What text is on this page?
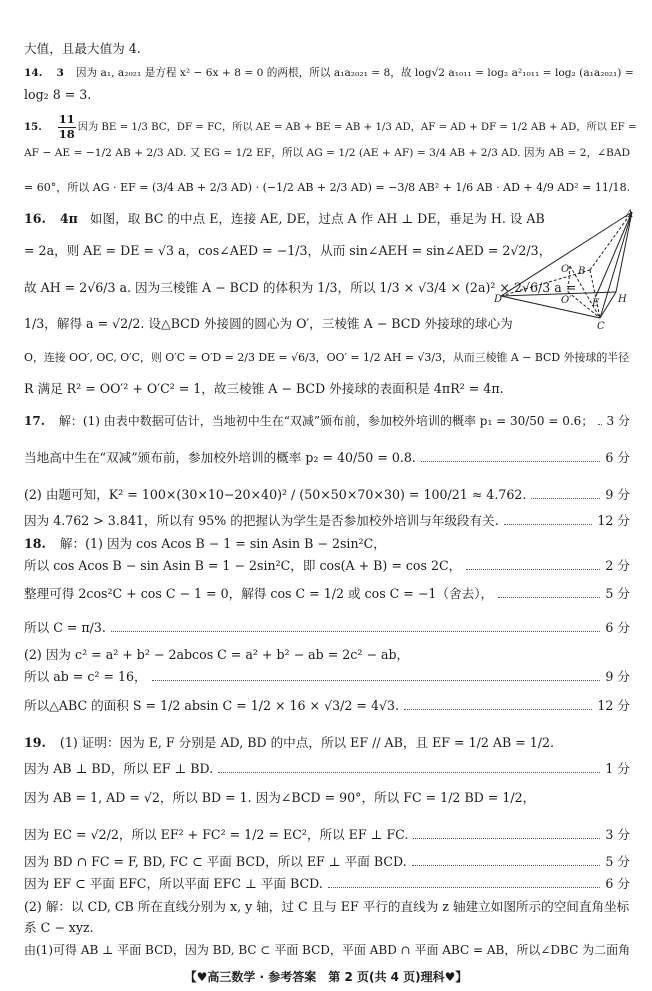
大值，且最大值为 4.
14. 3 因为 a₁, a₂₀₂₁ 是方程 x² − 6x + 8 = 0 的两根，所以 a₁a₂₀₂₁ = 8，故 log√2 a₁₀₁₁ = log₂ a²₁₀₁₁ = log₂ (a₁a₂₀₂₁) =
log₂ 8 = 3.
15. $\frac{11}{18}$ 因为 BE = 1/3 BC，DF = FC，所以 AE = AB + BE = AB + 1/3 AD，AF = AD + DF = 1/2 AB + AD，所以 EF =
AF − AE = −1/2 AB + 2/3 AD. 又 EG = 1/2 EF，所以 AG = 1/2 (AE + AF) = 3/4 AB + 2/3 AD. 因为 AB = 2，∠BAD
= 60°，所以 AG · EF = (3/4 AB + 2/3 AD) · (−1/2 AB + 2/3 AD) = −3/8 AB² + 1/6 AB · AD + 4/9 AD² = 11/18.
16. 4π 如图，取 BC 的中点 E，连接 AE, DE，过点 A 作 AH ⊥ DE，垂足为 H. 设 AB
= 2a，则 AE = DE = √3 a，cos∠AED = −1/3，从而 sin∠AEH = sin∠AED = 2√2/3，
故 AH = 2√6/3 a. 因为三棱锥 A − BCD 的体积为 1/3，所以 1/3 × √3/4 × (2a)² × 2√6/3 a =
1/3，解得 a = √2/2. 设△BCD 外接圆的圆心为 O′，三棱锥 A − BCD 外接球的球心为
O，连接 OO′, OC, O′C，则 O′C = O′D = 2/3 DE = √6/3，OO′ = 1/2 AH = √3/3，从而三棱锥 A − BCD 外接球的半径
R 满足 R² = OO′² + O′C² = 1，故三棱锥 A − BCD 外接球的表面积是 4πR² = 4π.
A
O B
O′
D	E H
C
17. 解：(1) 由表中数据可估计，当地初中生在“双减”颁布前，参加校外培训的概率 p₁ = 30/50 = 0.6； 3 分
当地高中生在“双减”颁布前，参加校外培训的概率 p₂ = 40/50 = 0.8.	6 分
(2) 由题可知，K² = 100×(30×10−20×40)² / (50×50×70×30) = 100/21 ≈ 4.762.	9 分
因为 4.762 > 3.841，所以有 95% 的把握认为学生是否参加校外培训与年级段有关.	12 分
18. 解：(1) 因为 cos Acos B − 1 = sin Asin B − 2sin²C，
所以 cos Acos B − sin Asin B = 1 − 2sin²C，即 cos(A + B) = cos 2C，	2 分
整理可得 2cos²C + cos C − 1 = 0，解得 cos C = 1/2 或 cos C = −1（舍去），	5 分
所以 C = π/3.	6 分
(2) 因为 c² = a² + b² − 2abcos C = a² + b² − ab = 2c² − ab，
所以 ab = c² = 16，	9 分
所以△ABC 的面积 S = 1/2 absin C = 1/2 × 16 × √3/2 = 4√3.	12 分
19. (1) 证明：因为 E, F 分别是 AD, BD 的中点，所以 EF // AB，且 EF = 1/2 AB = 1/2.
因为 AB ⊥ BD，所以 EF ⊥ BD.	1 分
因为 AB = 1, AD = √2，所以 BD = 1. 因为∠BCD = 90°，所以 FC = 1/2 BD = 1/2，
因为 EC = √2/2，所以 EF² + FC² = 1/2 = EC²，所以 EF ⊥ FC.	3 分
因为 BD ∩ FC = F, BD, FC ⊂ 平面 BCD，所以 EF ⊥ 平面 BCD.	5 分
因为 EF ⊂ 平面 EFC，所以平面 EFC ⊥ 平面 BCD.	6 分
(2) 解：以 CD, CB 所在直线分别为 x, y 轴，过 C 且与 EF 平行的直线为 z 轴建立如图所示的空间直角坐标
系 C − xyz.
由(1)可得 AB ⊥ 平面 BCD，因为 BD, BC ⊂ 平面 BCD，平面 ABD ∩ 平面 ABC = AB，所以∠DBC 为二面角
【♥高三数学 · 参考答案　第 2 页(共 4 页)理科♥】
